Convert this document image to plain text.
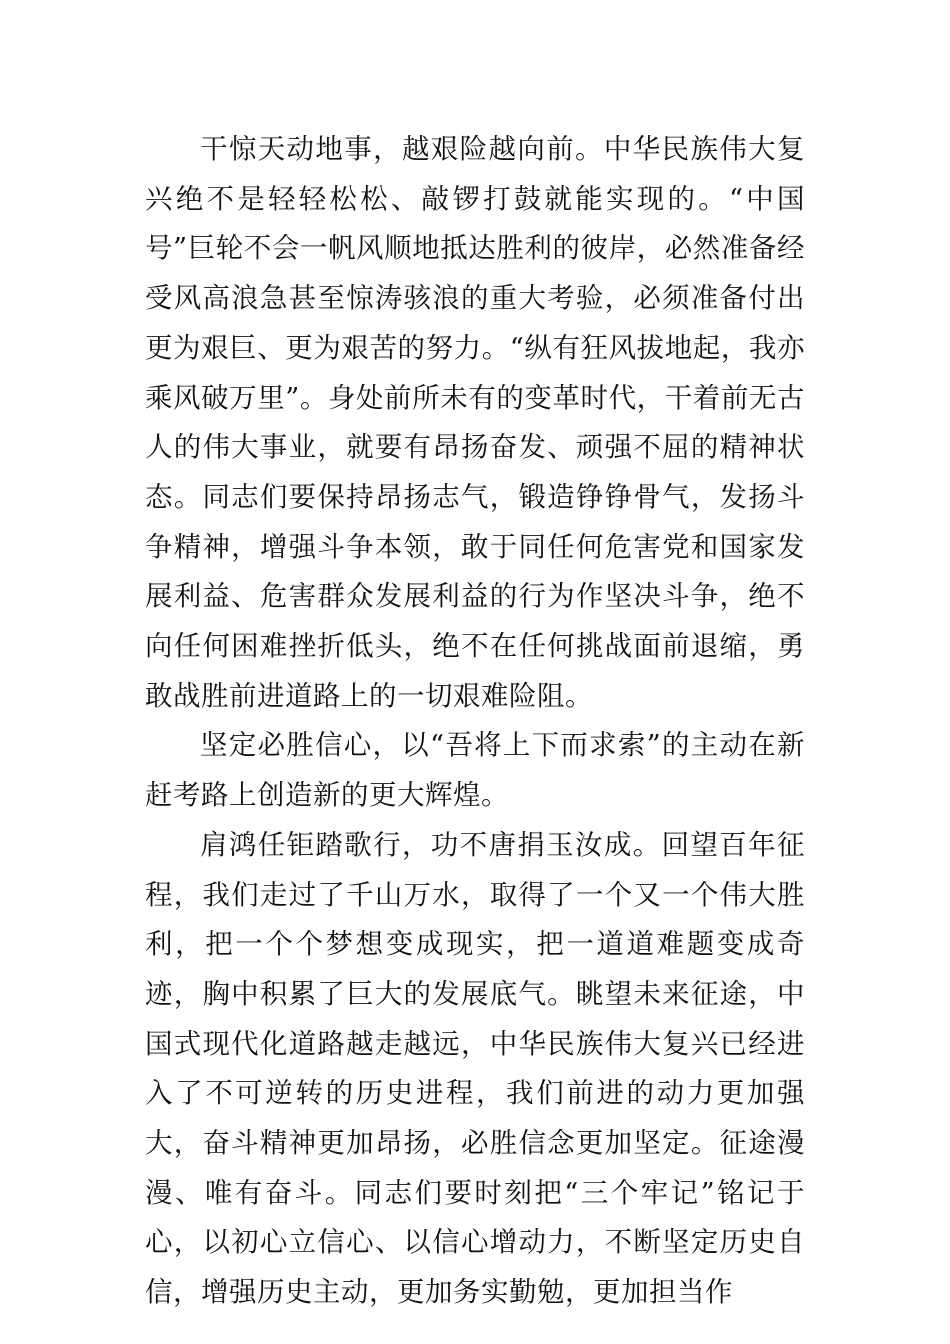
干惊天动地事，越艰险越向前。中华民族伟大复兴绝不是轻轻松松、敲锣打鼓就能实现的。“中国号”巨轮不会一帆风顺地抵达胜利的彼岸，必然准备经受风高浪急甚至惊涛骇浪的重大考验，必须准备付出更为艰巨、更为艰苦的努力。“纵有狂风拔地起，我亦乘风破万里”。身处前所未有的变革时代，干着前无古人的伟大事业，就要有昂扬奋发、顽强不屈的精神状态。同志们要保持昂扬志气，锻造铮铮骨气，发扬斗争精神，增强斗争本领，敢于同任何危害党和国家发展利益、危害群众发展利益的行为作坚决斗争，绝不向任何困难挫折低头，绝不在任何挑战面前退缩，勇敢战胜前进道路上的一切艰难险阻。

坚定必胜信心，以“吾将上下而求索”的主动在新赶考路上创造新的更大辉煌。

肩鸿任钜踏歌行，功不唐捐玉汝成。回望百年征程，我们走过了千山万水，取得了一个又一个伟大胜利，把一个个梦想变成现实，把一道道难题变成奇迹，胸中积累了巨大的发展底气。眺望未来征途，中国式现代化道路越走越远，中华民族伟大复兴已经进入了不可逆转的历史进程，我们前进的动力更加强大，奋斗精神更加昂扬，必胜信念更加坚定。征途漫漫、唯有奋斗。同志们要时刻把“三个牢记”铭记于心，以初心立信心、以信心增动力，不断坚定历史自信，增强历史主动，更加务实勤勉，更加担当作
